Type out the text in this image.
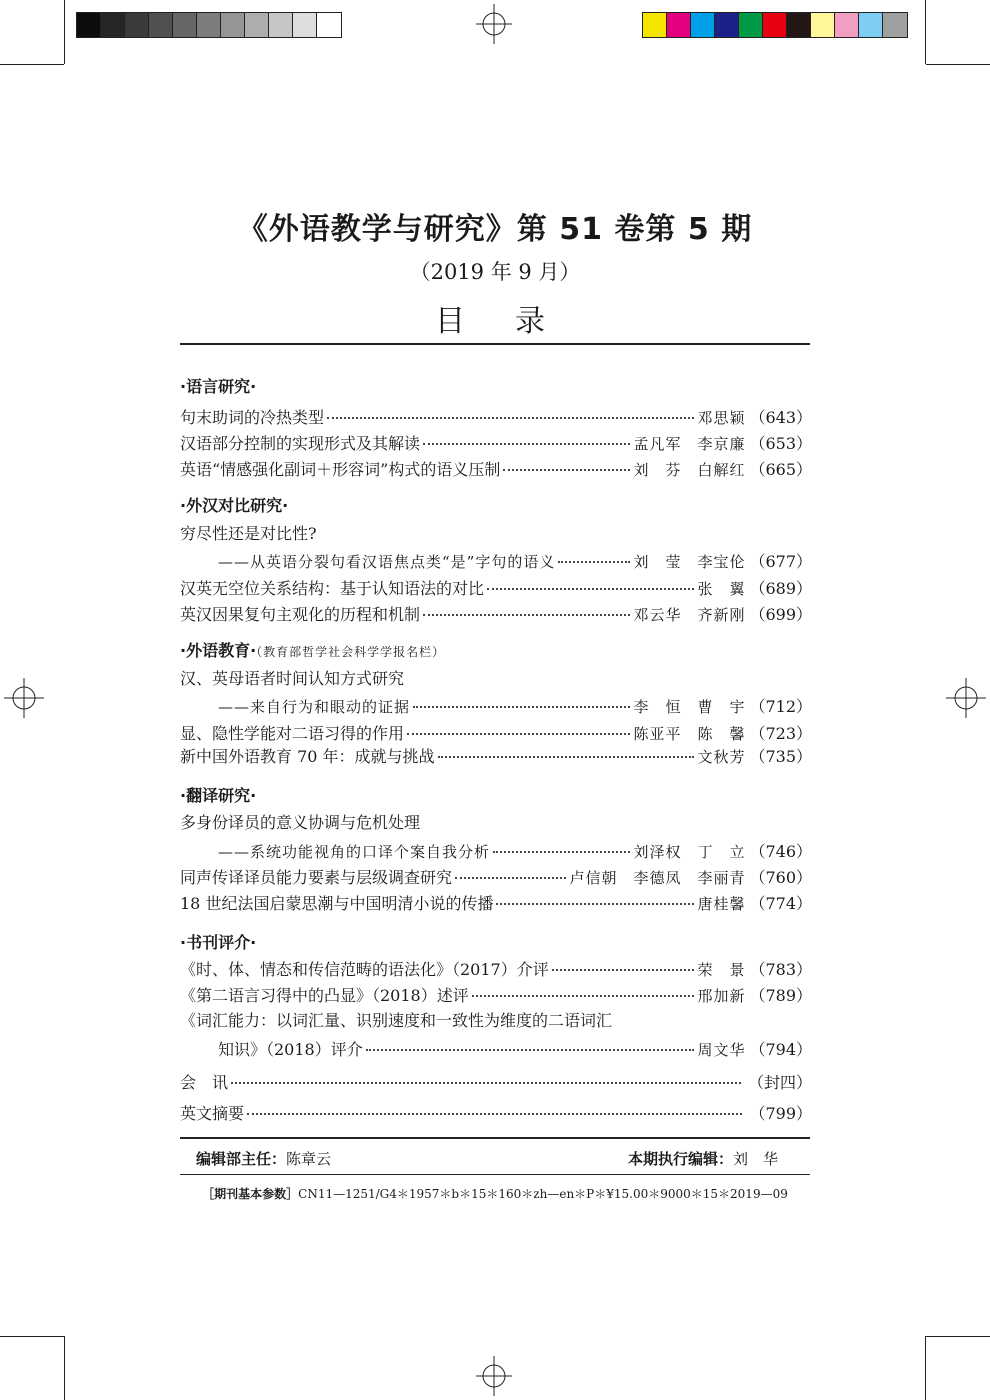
《外语教学与研究》第 51 卷第 5 期
（2019 年 9 月）
目　录
·语言研究·
句末助词的冷热类型	邓思颖 （643）
汉语部分控制的实现形式及其解读	孟凡军　李京廉 （653）
英语“情感强化副词＋形容词”构式的语义压制	刘　芬　白解红 （665）
·外汉对比研究·
穷尽性还是对比性?
——从英语分裂句看汉语焦点类“是”字句的语义	刘　莹　李宝伦 （677）
汉英无空位关系结构：基于认知语法的对比	张　翼 （689）
英汉因果复句主观化的历程和机制	邓云华　齐新刚 （699）
·外语教育·（教育部哲学社会科学学报名栏）
汉、英母语者时间认知方式研究
——来自行为和眼动的证据	李　恒　曹　宇 （712）
显、隐性学能对二语习得的作用	陈亚平　陈　馨 （723）
新中国外语教育 70 年：成就与挑战	文秋芳 （735）
·翻译研究·
多身份译员的意义协调与危机处理
——系统功能视角的口译个案自我分析	刘泽权　丁　立 （746）
同声传译译员能力要素与层级调查研究	卢信朝　李德凤　李丽青 （760）
18 世纪法国启蒙思潮与中国明清小说的传播	唐桂馨 （774）
·书刊评介·
《时、体、情态和传信范畴的语法化》（2017）介评	荣　景 （783）
《第二语言习得中的凸显》（2018）述评	邢加新 （789）
《词汇能力：以词汇量、识别速度和一致性为维度的二语词汇
知识》（2018）评介	周文华 （794）
会　讯	（封四）
英文摘要	（799）
编辑部主任：陈章云	本期执行编辑：刘　华
［期刊基本参数］CN11—1251/G4＊1957＊b＊15＊160＊zh—en＊P＊¥15.00＊9000＊15＊2019—09
